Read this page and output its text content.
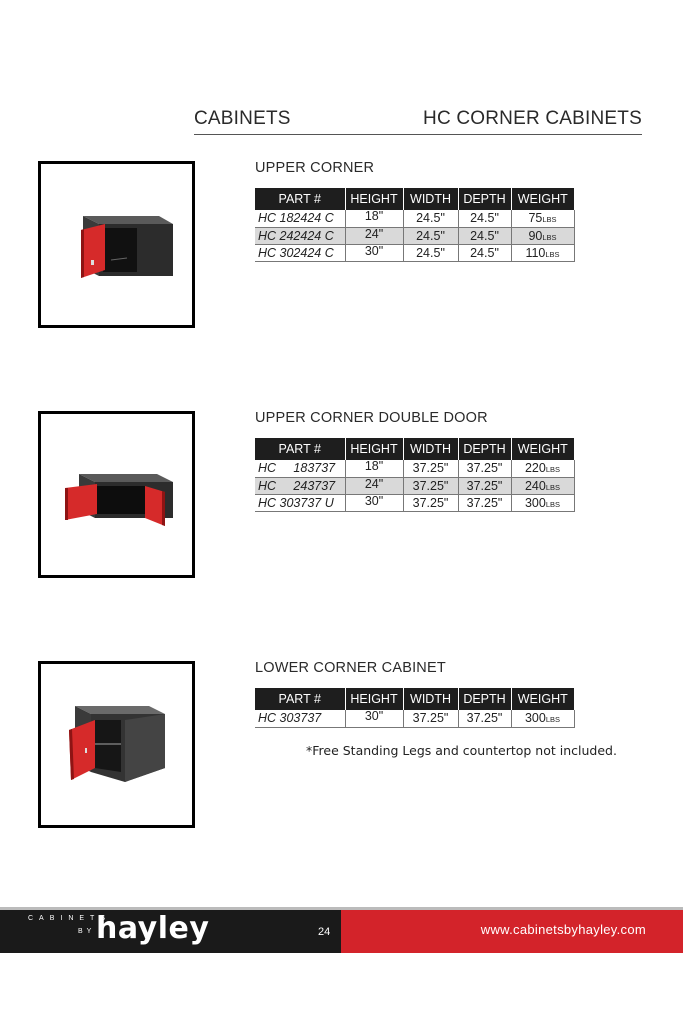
CABINETS	HC CORNER CABINETS
UPPER CORNER
PART #	HEIGHT	WIDTH	DEPTH	WEIGHT
HC 182424 C	18"	24.5"	24.5"	75LBS
HC 242424 C	24"	24.5"	24.5"	90LBS
HC 302424 C	30"	24.5"	24.5"	110LBS
UPPER CORNER DOUBLE DOOR
PART #	HEIGHT	WIDTH	DEPTH	WEIGHT
HC     183737	18"	37.25"	37.25"	220LBS
HC     243737	24"	37.25"	37.25"	240LBS
HC 303737 U	30"	37.25"	37.25"	300LBS
LOWER CORNER CABINET
PART #	HEIGHT	WIDTH	DEPTH	WEIGHT
HC 303737	30"	37.25"	37.25"	300LBS
*Free Standing Legs and countertop not included.
CABINETS
BY hayley	24	www.cabinetsbyhayley.com
